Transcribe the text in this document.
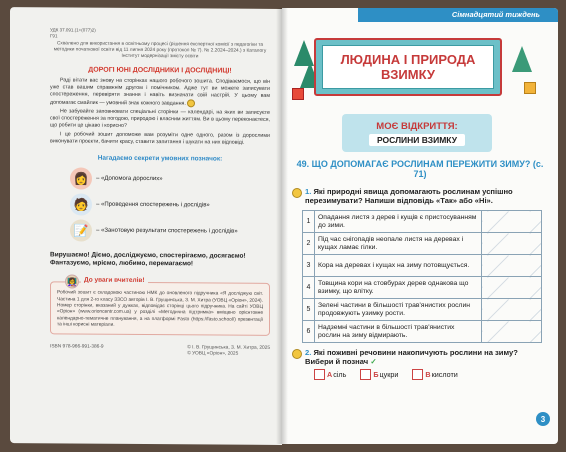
УДК 37.091.(1+(077)2)
Г91
Схвалено для використання в освітньому процесі (рішення експертної комісії з педагогіки та методики початкової освіти від 11 липня 2024 року (протокол № 7). № 2.2024–2024.) з Каталогу Інститут модернізації змісту освіти
ДОРОГІ ЮНІ ДОСЛІДНИКИ І ДОСЛІДНИЦІ!

Раді вітати вас знову на сторінках нашого робочого зошита. Сподіваємося, що він уже став вашим справжнім другом і помічником. Адже тут ви можете записувати спостереження, перевіряти знання і навіть визначати свій настрій. У цьому вам допомагає смайлик — умовний знак кожного завдання.

Не забувайте заповнювати спеціальні сторінки — календарі, на яких ви записуєте свої спостереження за погодою, природою і власним життям. Ви в цьому переконаєтеся, що робити це цікаво і корисно?

І це робочий зошит допоможе вам розуміти одне одного, разом із дорослими виконувати проєкти, бачити красу, ставити запитання і шукати на них відповіді.

Нагадаємо секрети умовних позначок:
👩	– «Допомога дорослих»
🧑	– «Проведення спостережень і дослідів»
📝	– «Занотовую результати спостережень і дослідів»
Вирушаємо! Діємо, досліджуємо, спостерігаємо, досягаємо! Фантазуємо, мріємо, любимо, перемагаємо!
👩‍🏫	До уваги вчителів!
Робочий зошит є складовою частиною НМК до оновленого підручника «Я досліджую світ. Частина 1 для 2-го класу ЗЗСО авторів І. В. Грущинська, З. М. Хитра (УОВЦ «Оріон», 2024). Номер сторінки, вказаний у дужках, відповідає сторінці цього підручника. На сайті УОВЦ «Оріон» (www.orioncentr.com.ua) у розділі «Методична підтримка» вміщено орієнтовне календарно-тематичне планування, а на платформі Fasto (https://fasto.school/) презентації та інші корисні матеріали.
ISBN 978-966-991-386-9	© І. В. Грущинська, З. М. Хитра, 2025
© УОВЦ «Оріон», 2025
Сімнадцятий тиждень
ЛЮДИНА І ПРИРОДА ВЗИМКУ
МОЄ ВІДКРИТТЯ:
РОСЛИНИ ВЗИМКУ
49. ЩО ДОПОМАГАЄ РОСЛИНАМ ПЕРЕЖИТИ ЗИМУ? (с. 71)
1. Які природні явища допомагають рослинам успішно перезимувати? Напиши відповідь «Так» або «Ні».
1	Опадання листя з дерев і кущів є пристосуванням до зими.	
2	Під час снігопадів неопале листя на деревах і кущах ламає гілки.	
3	Кора на деревах і кущах на зиму потовщується.	
4	Товщина кори на стовбурах дерев однакова що взимку, що влітку.	
5	Зелені частини в більшості трав'янистих рослин продовжують узимку рости.	
6	Надземні частини в більшості трав'янистих рослин на зиму відмирають.	
2. Які поживні речовини накопичують рослини на зиму? Вибери й познач ✓
А сіль	Б цукри	В кислоти
3
